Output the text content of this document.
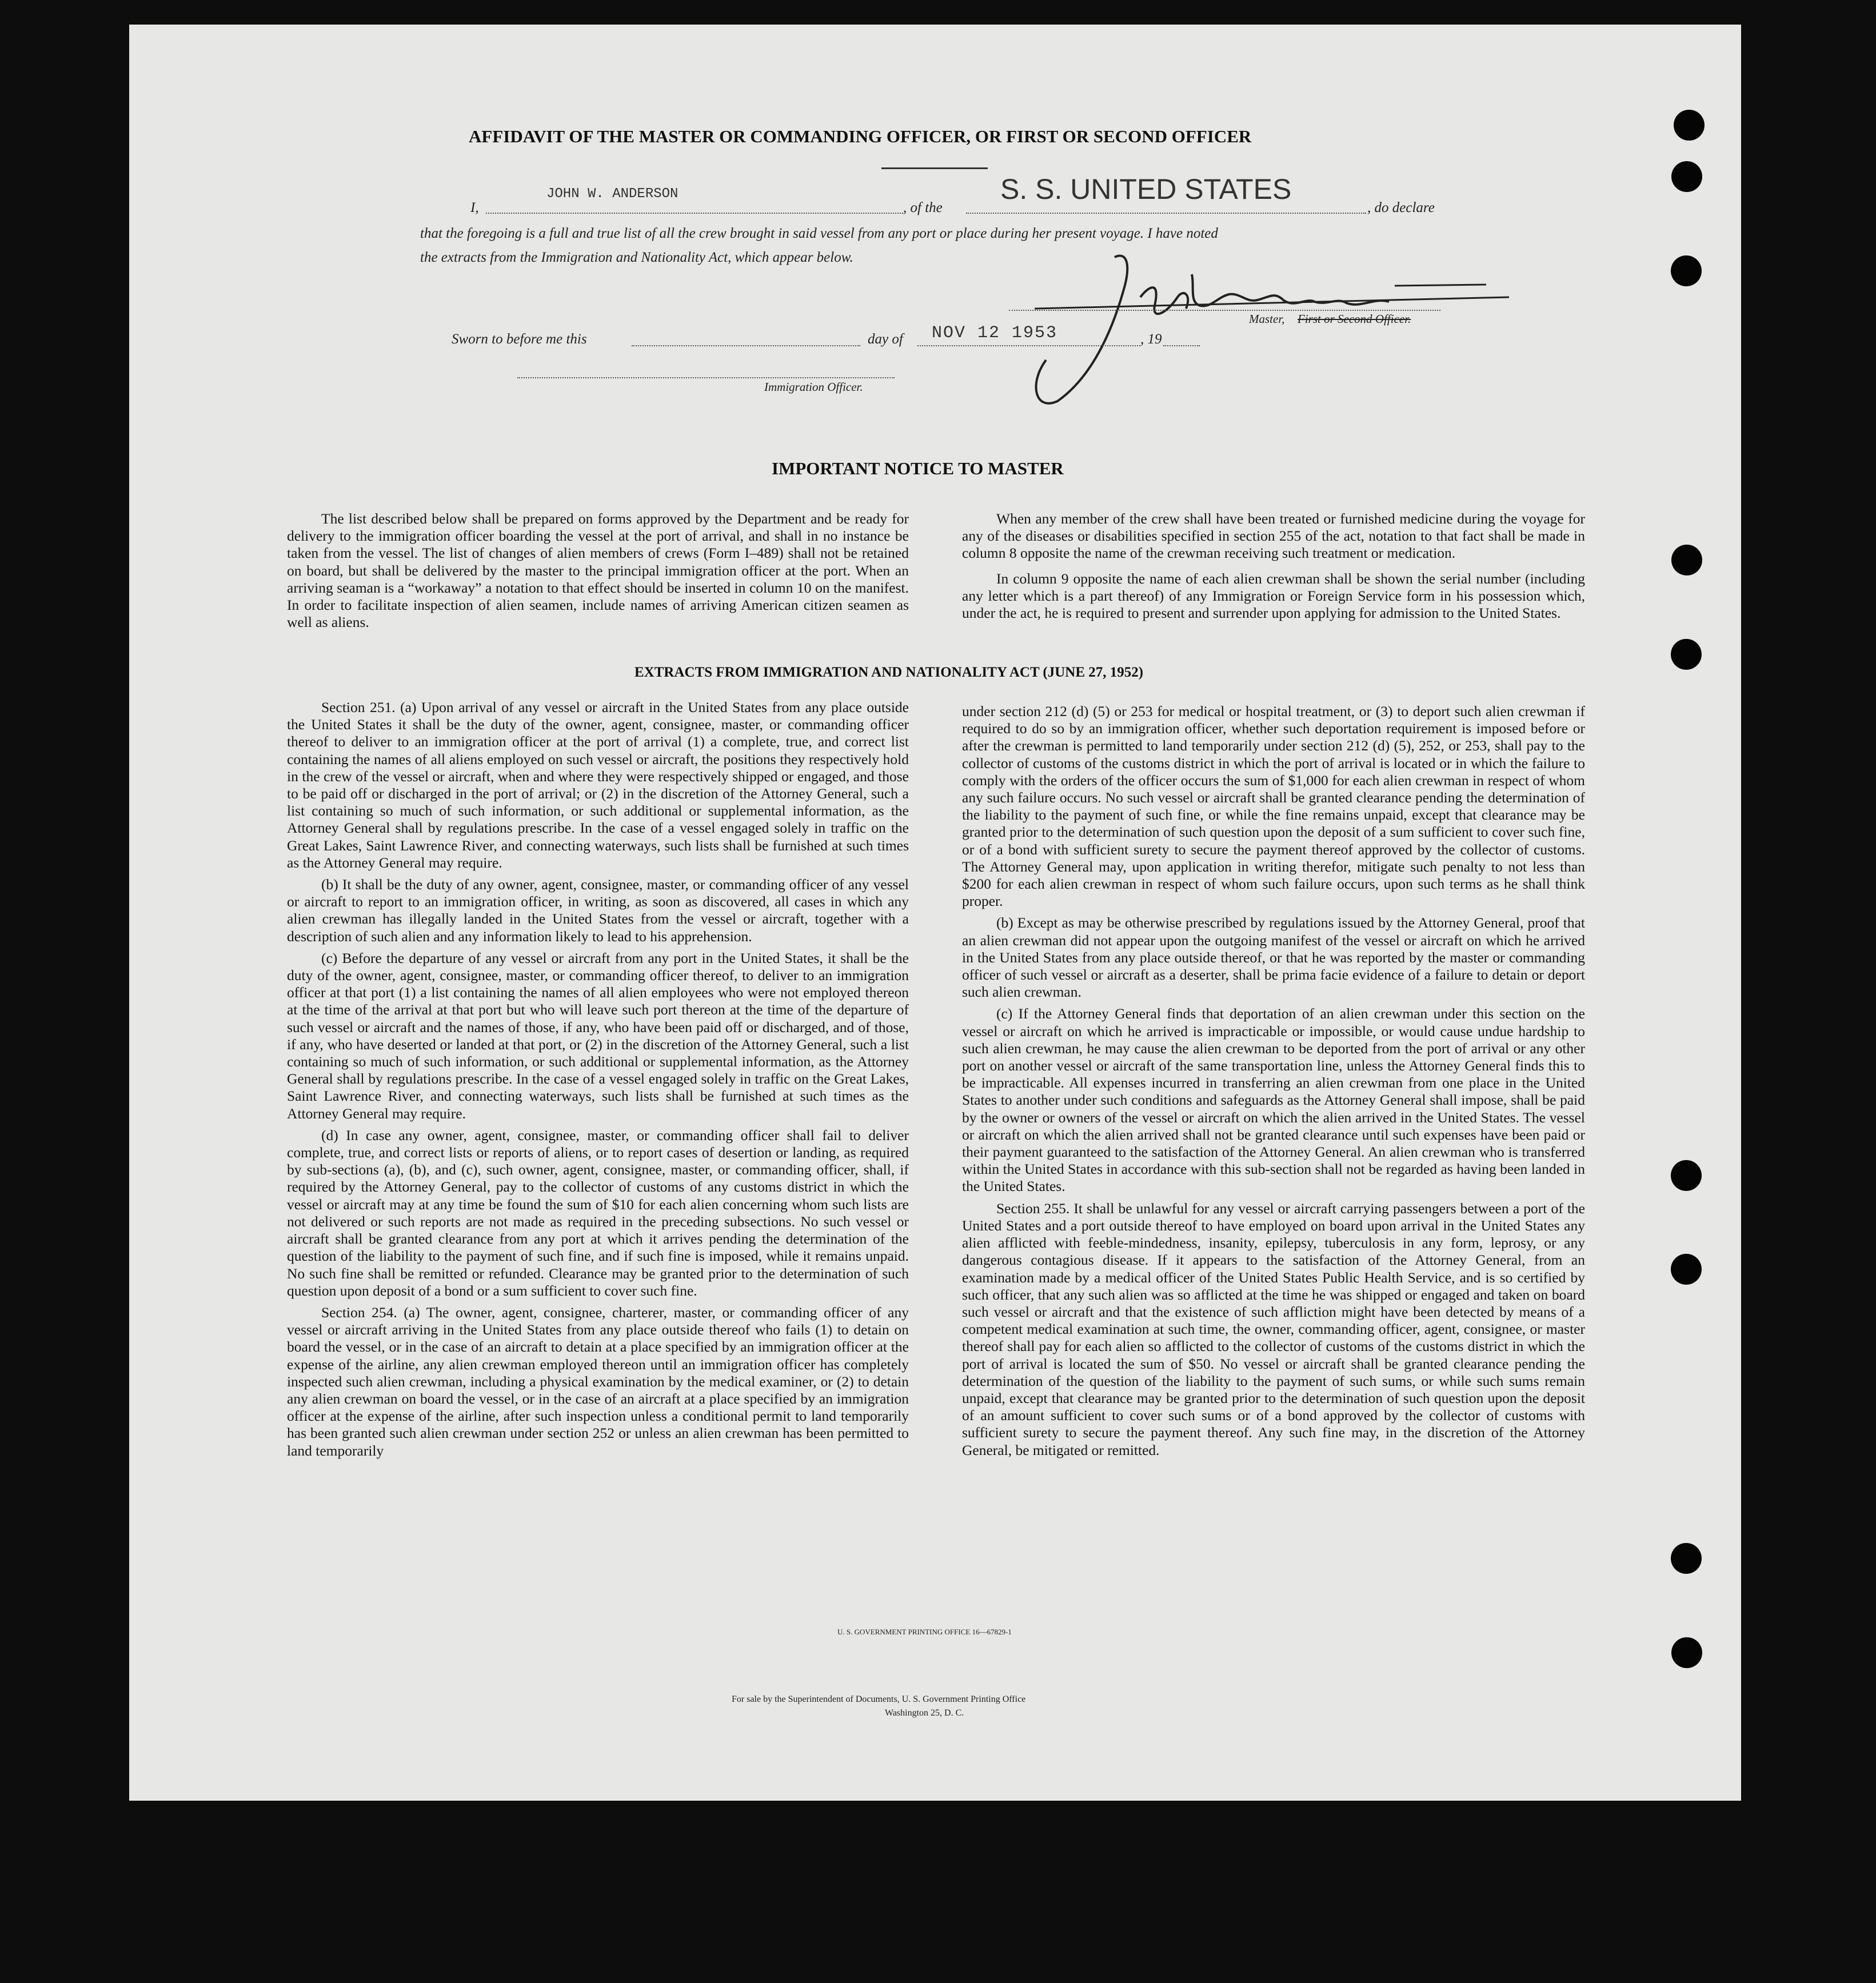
AFFIDAVIT OF THE MASTER OR COMMANDING OFFICER, OR FIRST OR SECOND OFFICER
I,
JOHN W. ANDERSON
, of the
S. S. UNITED STATES
, do declare
that the foregoing is a full and true list of all the crew brought in said vessel from any port or place during her present voyage. I have noted
the extracts from the Immigration and Nationality Act, which appear below.
Master, First or Second Officer.
Sworn to before me this	day of NOV 12 1953	, 19
Immigration Officer.
IMPORTANT NOTICE TO MASTER

The list described below shall be prepared on forms approved by the Department and be ready for delivery to the immigration officer boarding the vessel at the port of arrival, and shall in no instance be taken from the vessel. The list of changes of alien members of crews (Form I–489) shall not be retained on board, but shall be delivered by the master to the principal immigration officer at the port. When an arriving seaman is a “workaway” a notation to that effect should be inserted in column 10 on the manifest. In order to facilitate inspection of alien seamen, include names of arriving American citizen seamen as well as aliens.

When any member of the crew shall have been treated or furnished medicine during the voyage for any of the diseases or disabilities specified in section 255 of the act, notation to that fact shall be made in column 8 opposite the name of the crewman receiving such treatment or medication.

In column 9 opposite the name of each alien crewman shall be shown the serial number (including any letter which is a part thereof) of any Immigration or Foreign Service form in his possession which, under the act, he is required to present and surrender upon applying for admission to the United States.

EXTRACTS FROM IMMIGRATION AND NATIONALITY ACT (JUNE 27, 1952)

Section 251. (a) Upon arrival of any vessel or aircraft in the United States from any place outside the United States it shall be the duty of the owner, agent, consignee, master, or commanding officer thereof to deliver to an immigration officer at the port of arrival (1) a complete, true, and correct list containing the names of all aliens employed on such vessel or aircraft, the positions they respectively hold in the crew of the vessel or aircraft, when and where they were respectively shipped or engaged, and those to be paid off or discharged in the port of arrival; or (2) in the discretion of the Attorney General, such a list containing so much of such information, or such additional or supplemental information, as the Attorney General shall by regulations prescribe. In the case of a vessel engaged solely in traffic on the Great Lakes, Saint Lawrence River, and connecting waterways, such lists shall be furnished at such times as the Attorney General may require.

(b) It shall be the duty of any owner, agent, consignee, master, or commanding officer of any vessel or aircraft to report to an immigration officer, in writing, as soon as discovered, all cases in which any alien crewman has illegally landed in the United States from the vessel or aircraft, together with a description of such alien and any information likely to lead to his apprehension.

(c) Before the departure of any vessel or aircraft from any port in the United States, it shall be the duty of the owner, agent, consignee, master, or commanding officer thereof, to deliver to an immigration officer at that port (1) a list containing the names of all alien employees who were not employed thereon at the time of the arrival at that port but who will leave such port thereon at the time of the departure of such vessel or aircraft and the names of those, if any, who have been paid off or discharged, and of those, if any, who have deserted or landed at that port, or (2) in the discretion of the Attorney General, such a list containing so much of such information, or such additional or supplemental information, as the Attorney General shall by regulations prescribe. In the case of a vessel engaged solely in traffic on the Great Lakes, Saint Lawrence River, and connecting waterways, such lists shall be furnished at such times as the Attorney General may require.

(d) In case any owner, agent, consignee, master, or commanding officer shall fail to deliver complete, true, and correct lists or reports of aliens, or to report cases of desertion or landing, as required by sub-sections (a), (b), and (c), such owner, agent, consignee, master, or commanding officer, shall, if required by the Attorney General, pay to the collector of customs of any customs district in which the vessel or aircraft may at any time be found the sum of $10 for each alien concerning whom such lists are not delivered or such reports are not made as required in the preceding subsections. No such vessel or aircraft shall be granted clearance from any port at which it arrives pending the determination of the question of the liability to the payment of such fine, and if such fine is imposed, while it remains unpaid. No such fine shall be remitted or refunded. Clearance may be granted prior to the determination of such question upon deposit of a bond or a sum sufficient to cover such fine.

Section 254. (a) The owner, agent, consignee, charterer, master, or commanding officer of any vessel or aircraft arriving in the United States from any place outside thereof who fails (1) to detain on board the vessel, or in the case of an aircraft to detain at a place specified by an immigration officer at the expense of the airline, any alien crewman employed thereon until an immigration officer has completely inspected such alien crewman, including a physical examination by the medical examiner, or (2) to detain any alien crewman on board the vessel, or in the case of an aircraft at a place specified by an immigration officer at the expense of the airline, after such inspection unless a conditional permit to land temporarily has been granted such alien crewman under section 252 or unless an alien crewman has been permitted to land temporarily

under section 212 (d) (5) or 253 for medical or hospital treatment, or (3) to deport such alien crewman if required to do so by an immigration officer, whether such deportation requirement is imposed before or after the crewman is permitted to land temporarily under section 212 (d) (5), 252, or 253, shall pay to the collector of customs of the customs district in which the port of arrival is located or in which the failure to comply with the orders of the officer occurs the sum of $1,000 for each alien crewman in respect of whom any such failure occurs. No such vessel or aircraft shall be granted clearance pending the determination of the liability to the payment of such fine, or while the fine remains unpaid, except that clearance may be granted prior to the determination of such question upon the deposit of a sum sufficient to cover such fine, or of a bond with sufficient surety to secure the payment thereof approved by the collector of customs. The Attorney General may, upon application in writing therefor, mitigate such penalty to not less than $200 for each alien crewman in respect of whom such failure occurs, upon such terms as he shall think proper.

(b) Except as may be otherwise prescribed by regulations issued by the Attorney General, proof that an alien crewman did not appear upon the outgoing manifest of the vessel or aircraft on which he arrived in the United States from any place outside thereof, or that he was reported by the master or commanding officer of such vessel or aircraft as a deserter, shall be prima facie evidence of a failure to detain or deport such alien crewman.

(c) If the Attorney General finds that deportation of an alien crewman under this section on the vessel or aircraft on which he arrived is impracticable or impossible, or would cause undue hardship to such alien crewman, he may cause the alien crewman to be deported from the port of arrival or any other port on another vessel or aircraft of the same transportation line, unless the Attorney General finds this to be impracticable. All expenses incurred in transferring an alien crewman from one place in the United States to another under such conditions and safeguards as the Attorney General shall impose, shall be paid by the owner or owners of the vessel or aircraft on which the alien arrived in the United States. The vessel or aircraft on which the alien arrived shall not be granted clearance until such expenses have been paid or their payment guaranteed to the satisfaction of the Attorney General. An alien crewman who is transferred within the United States in accordance with this sub-section shall not be regarded as having been landed in the United States.

Section 255. It shall be unlawful for any vessel or aircraft carrying passengers between a port of the United States and a port outside thereof to have employed on board upon arrival in the United States any alien afflicted with feeble-mindedness, insanity, epilepsy, tuberculosis in any form, leprosy, or any dangerous contagious disease. If it appears to the satisfaction of the Attorney General, from an examination made by a medical officer of the United States Public Health Service, and is so certified by such officer, that any such alien was so afflicted at the time he was shipped or engaged and taken on board such vessel or aircraft and that the existence of such affliction might have been detected by means of a competent medical examination at such time, the owner, commanding officer, agent, consignee, or master thereof shall pay for each alien so afflicted to the collector of customs of the customs district in which the port of arrival is located the sum of $50. No vessel or aircraft shall be granted clearance pending the determination of the question of the liability to the payment of such sums, or while such sums remain unpaid, except that clearance may be granted prior to the determination of such question upon the deposit of an amount sufficient to cover such sums or of a bond approved by the collector of customs with sufficient surety to secure the payment thereof. Any such fine may, in the discretion of the Attorney General, be mitigated or remitted.

U. S. GOVERNMENT PRINTING OFFICE 16—67829-1
For sale by the Superintendent of Documents, U. S. Government Printing Office
Washington 25, D. C.
